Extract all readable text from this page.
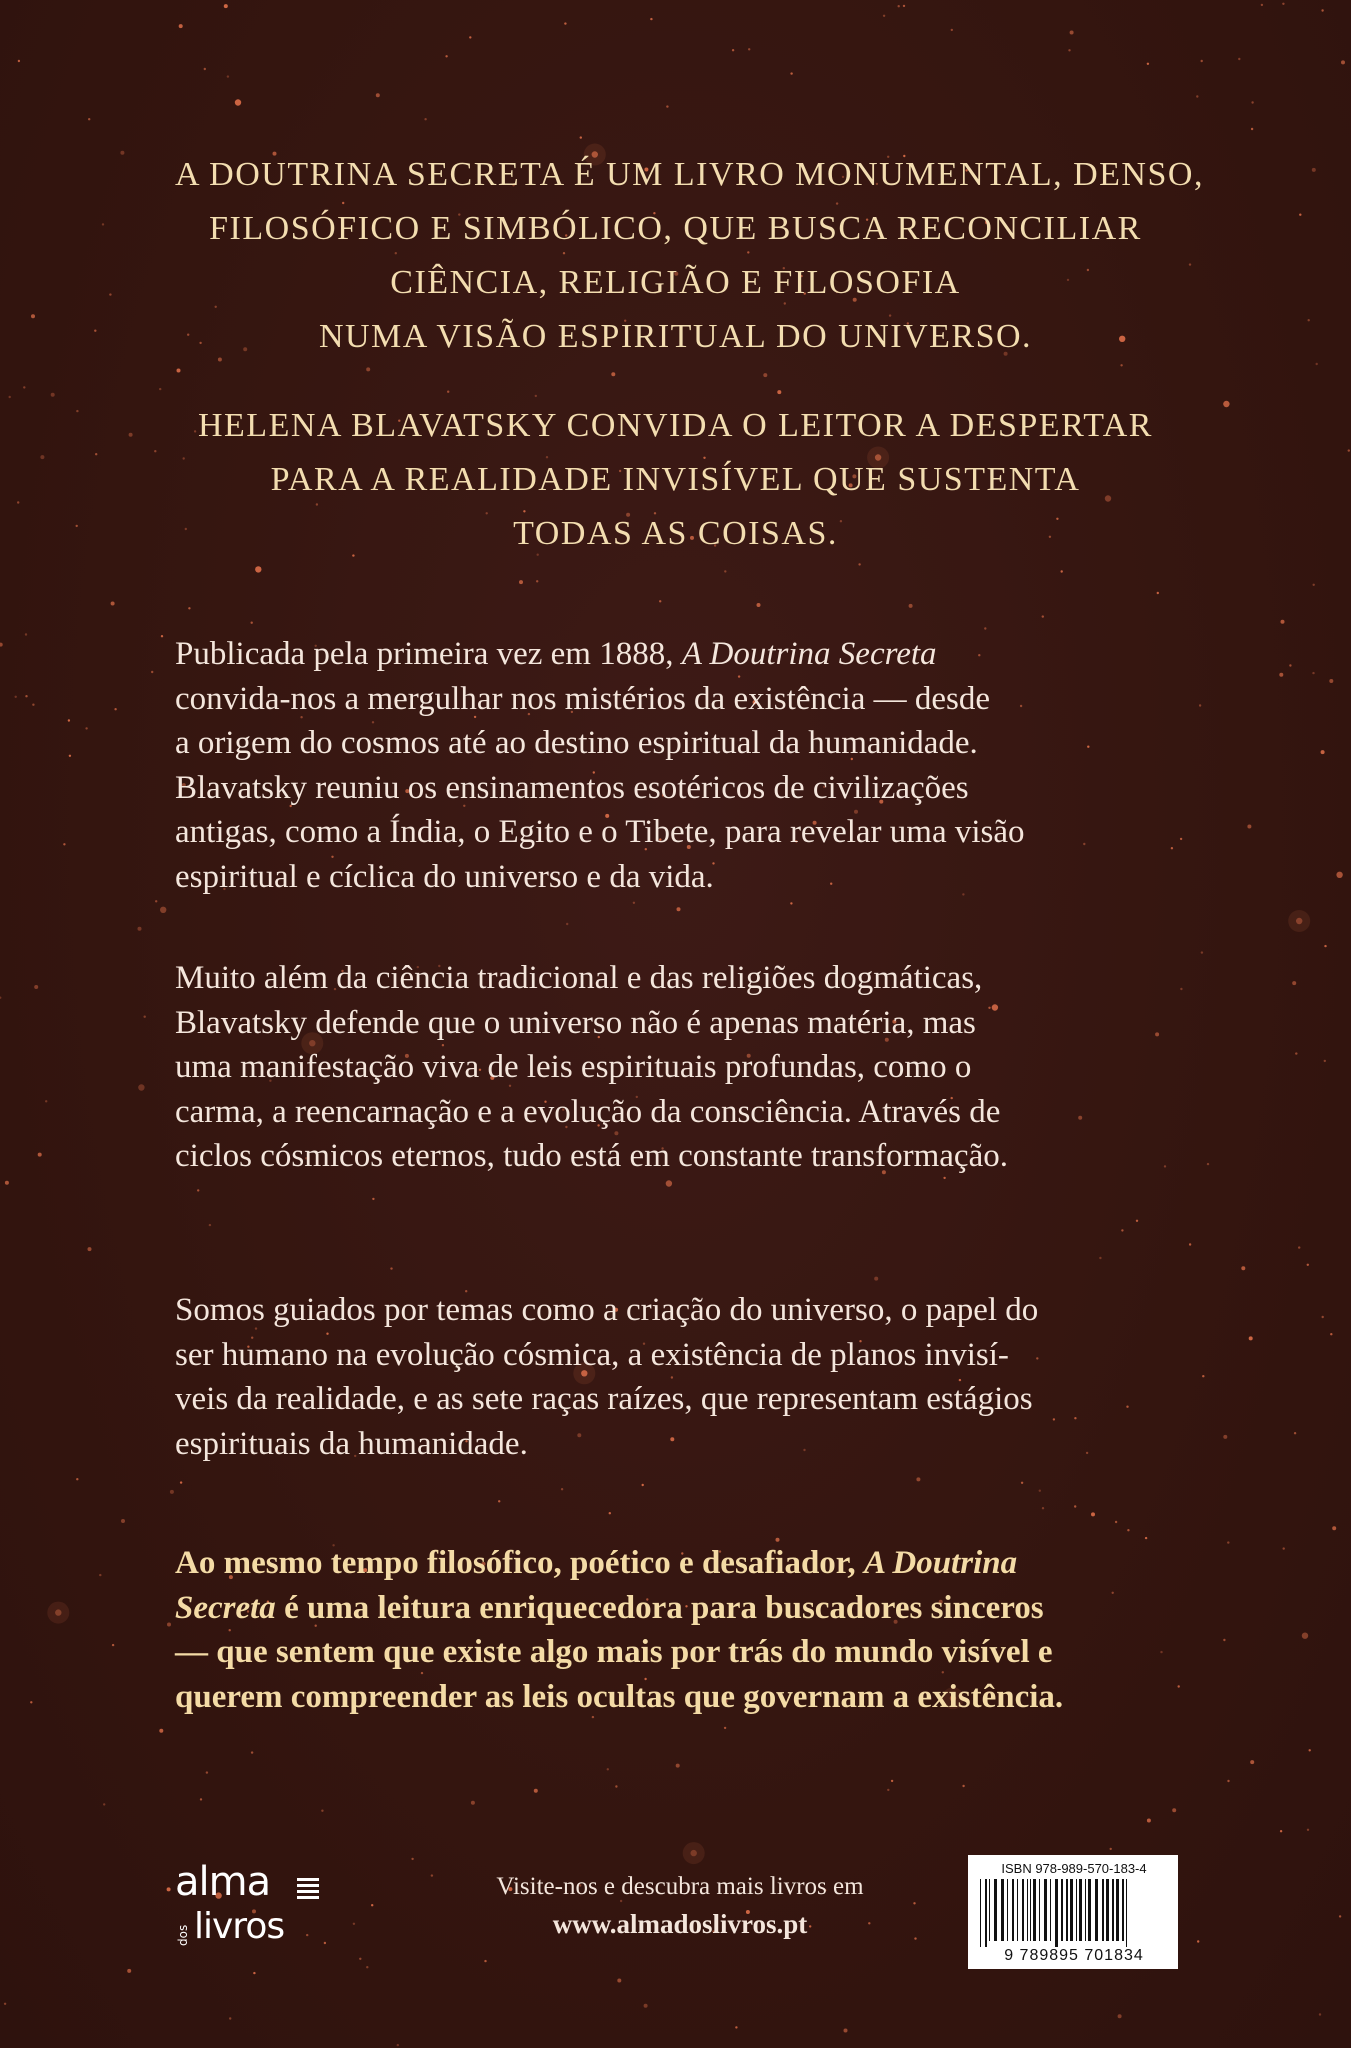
A DOUTRINA SECRETA É UM LIVRO MONUMENTAL, DENSO,
FILOSÓFICO E SIMBÓLICO, QUE BUSCA RECONCILIAR
CIÊNCIA, RELIGIÃO E FILOSOFIA
NUMA VISÃO ESPIRITUAL DO UNIVERSO.

HELENA BLAVATSKY CONVIDA O LEITOR A DESPERTAR
PARA A REALIDADE INVISÍVEL QUE SUSTENTA
TODAS AS COISAS.

Publicada pela primeira vez em 1888, A Doutrina Secreta
convida-nos a mergulhar nos mistérios da existência — desde
a origem do cosmos até ao destino espiritual da humanidade.
Blavatsky reuniu os ensinamentos esotéricos de civilizações
antigas, como a Índia, o Egito e o Tibete, para revelar uma visão
espiritual e cíclica do universo e da vida.

Muito além da ciência tradicional e das religiões dogmáticas,
Blavatsky defende que o universo não é apenas matéria, mas
uma manifestação viva de leis espirituais profundas, como o
carma, a reencarnação e a evolução da consciência. Através de
ciclos cósmicos eternos, tudo está em constante transformação.

Somos guiados por temas como a criação do universo, o papel do
ser humano na evolução cósmica, a existência de planos invisí-
veis da realidade, e as sete raças raízes, que representam estágios
espirituais da humanidade.

Ao mesmo tempo filosófico, poético e desafiador, A Doutrina
Secreta é uma leitura enriquecedora para buscadores sinceros
— que sentem que existe algo mais por trás do mundo visível e
querem compreender as leis ocultas que governam a existência.

alma
dos livros
Visite-nos e descubra mais livros em
www.almadoslivros.pt
ISBN 978-989-570-183-4
9 789895 701834
